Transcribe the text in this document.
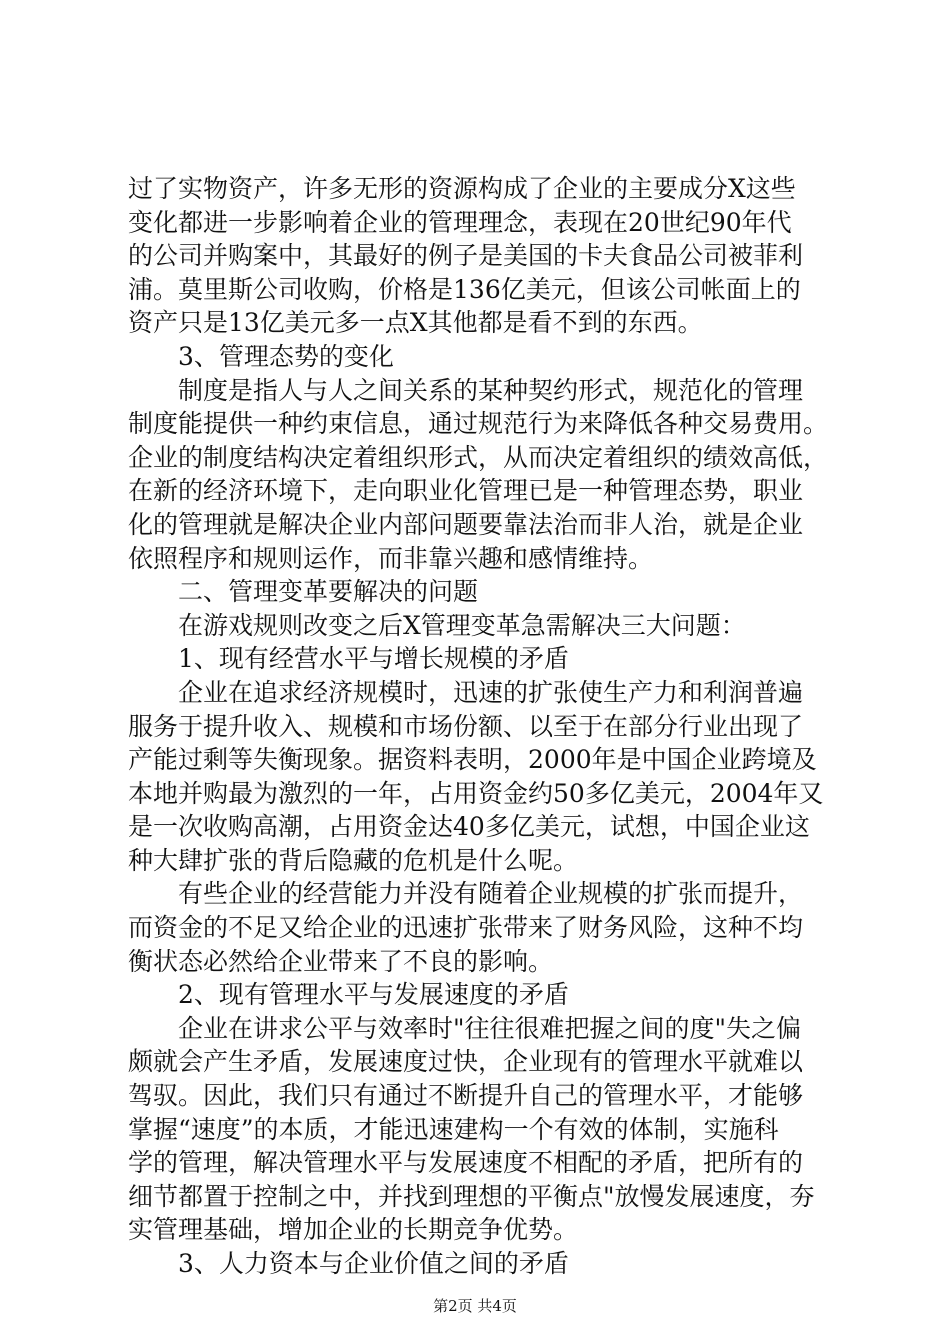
过了实物资产，许多无形的资源构成了企业的主要成分X这些
变化都进一步影响着企业的管理理念，表现在20世纪90年代
的公司并购案中，其最好的例子是美国的卡夫食品公司被菲利
浦。莫里斯公司收购，价格是136亿美元，但该公司帐面上的
资产只是13亿美元多一点X其他都是看不到的东西。
3、管理态势的变化
制度是指人与人之间关系的某种契约形式，规范化的管理
制度能提供一种约束信息，通过规范行为来降低各种交易费用。
企业的制度结构决定着组织形式，从而决定着组织的绩效高低，
在新的经济环境下，走向职业化管理已是一种管理态势，职业
化的管理就是解决企业内部问题要靠法治而非人治，就是企业
依照程序和规则运作，而非靠兴趣和感情维持。
二、管理变革要解决的问题
在游戏规则改变之后X管理变革急需解决三大问题：
1、现有经营水平与增长规模的矛盾
企业在追求经济规模时，迅速的扩张使生产力和利润普遍
服务于提升收入、规模和市场份额、以至于在部分行业出现了
产能过剩等失衡现象。据资料表明，2000年是中国企业跨境及
本地并购最为激烈的一年，占用资金约50多亿美元，2004年又
是一次收购高潮，占用资金达40多亿美元，试想，中国企业这
种大肆扩张的背后隐藏的危机是什么呢。
有些企业的经营能力并没有随着企业规模的扩张而提升，
而资金的不足又给企业的迅速扩张带来了财务风险，这种不均
衡状态必然给企业带来了不良的影响。
2、现有管理水平与发展速度的矛盾
企业在讲求公平与效率时"往往很难把握之间的度"失之偏
颇就会产生矛盾，发展速度过快，企业现有的管理水平就难以
驾驭。因此，我们只有通过不断提升自己的管理水平，才能够
掌握“速度”的本质，才能迅速建构一个有效的体制，实施科
学的管理，解决管理水平与发展速度不相配的矛盾，把所有的
细节都置于控制之中，并找到理想的平衡点"放慢发展速度，夯
实管理基础，增加企业的长期竞争优势。
3、人力资本与企业价值之间的矛盾
第2页 共4页
